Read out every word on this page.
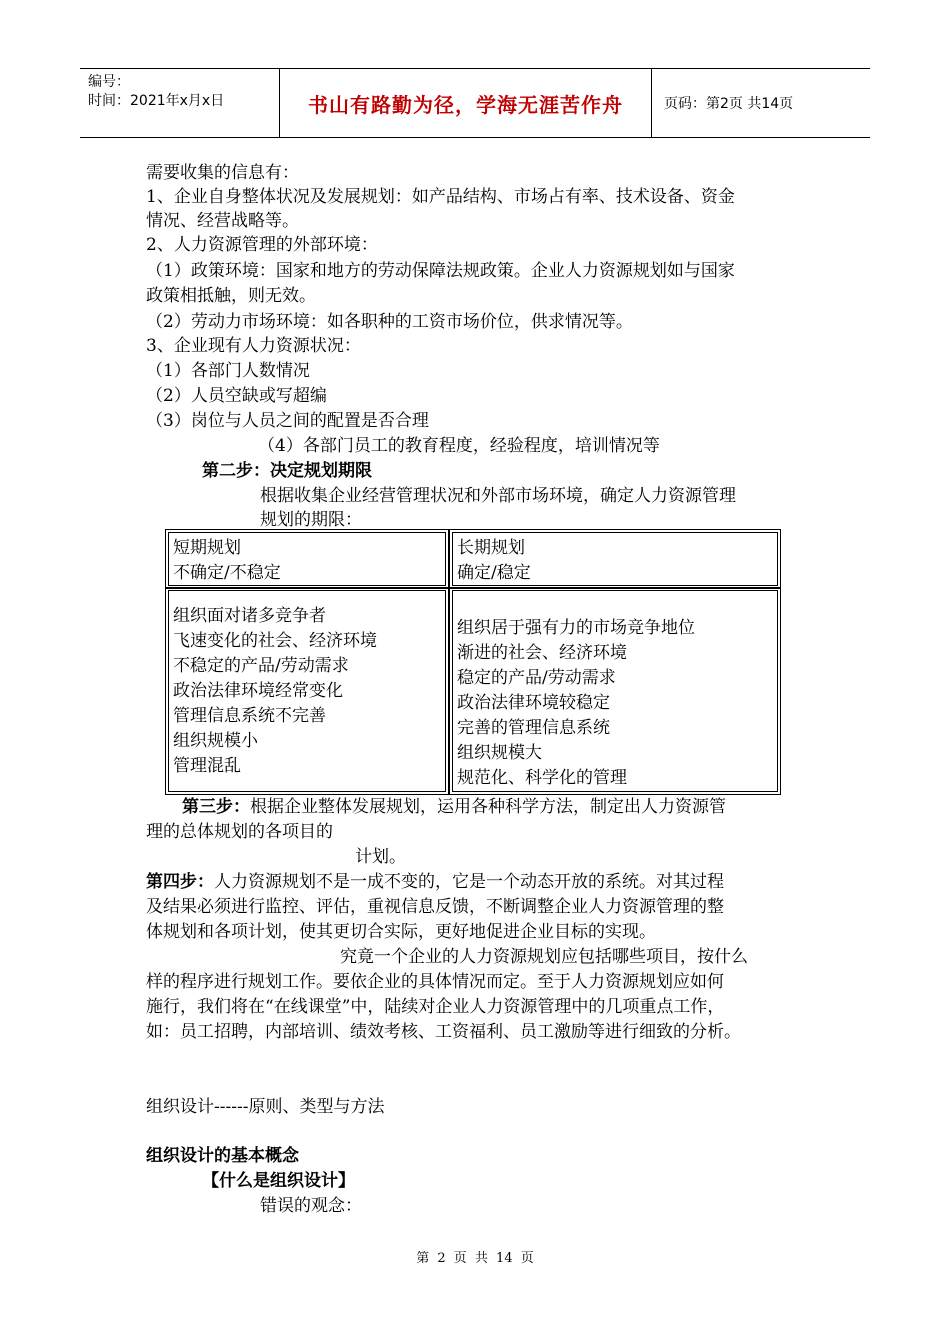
编号：
时间：2021年x月x日	书山有路勤为径，学海无涯苦作舟	页码：第2页 共14页
需要收集的信息有：
1、企业自身整体状况及发展规划：如产品结构、市场占有率、技术设备、资金
情况、经营战略等。
2、人力资源管理的外部环境：
（1）政策环境：国家和地方的劳动保障法规政策。企业人力资源规划如与国家
政策相抵触，则无效。
（2）劳动力市场环境：如各职种的工资市场价位，供求情况等。
3、企业现有人力资源状况：
（1）各部门人数情况
（2）人员空缺或写超编
（3）岗位与人员之间的配置是否合理
（4）各部门员工的教育程度，经验程度，培训情况等
第二步：决定规划期限
根据收集企业经营管理状况和外部市场环境，确定人力资源管理
规划的期限：
短期规划
不确定/不稳定
长期规划
确定/稳定
组织面对诸多竞争者
飞速变化的社会、经济环境
不稳定的产品/劳动需求
政治法律环境经常变化
管理信息系统不完善
组织规模小
管理混乱
组织居于强有力的市场竞争地位
渐进的社会、经济环境
稳定的产品/劳动需求
政治法律环境较稳定
完善的管理信息系统
组织规模大
规范化、科学化的管理
第三步：根据企业整体发展规划，运用各种科学方法，制定出人力资源管
理的总体规划的各项目的
计划。
第四步：人力资源规划不是一成不变的，它是一个动态开放的系统。对其过程
及结果必须进行监控、评估，重视信息反馈，不断调整企业人力资源管理的整
体规划和各项计划，使其更切合实际，更好地促进企业目标的实现。
究竟一个企业的人力资源规划应包括哪些项目，按什么
样的程序进行规划工作。要依企业的具体情况而定。至于人力资源规划应如何
施行，我们将在“在线课堂”中，陆续对企业人力资源管理中的几项重点工作，
如：员工招聘，内部培训、绩效考核、工资福利、员工激励等进行细致的分析。
组织设计------原则、类型与方法
组织设计的基本概念
【什么是组织设计】
错误的观念：
第 2 页 共 14 页
